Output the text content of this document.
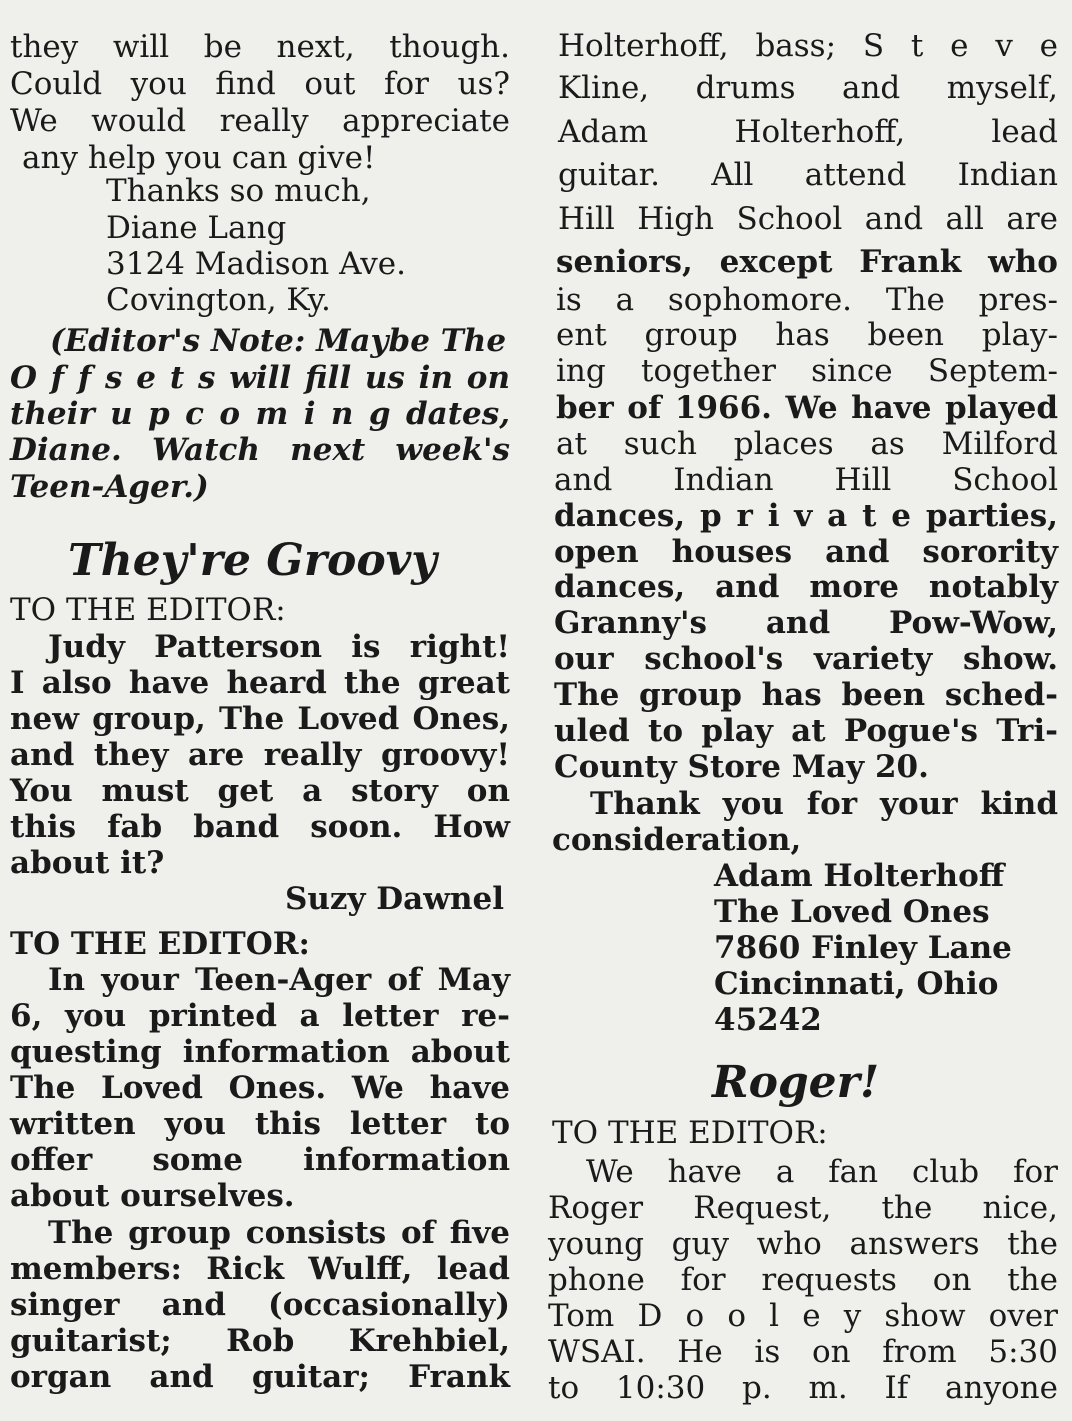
they will be next, though.
Could you find out for us?
We would really appreciate
any help you can give!
Thanks so much,
Diane Lang
3124 Madison Ave.
Covington, Ky.
(Editor's Note: Maybe The
O f f s e t s will fill us in on
their u p c o m i n g dates,
Diane. Watch next week's
Teen-Ager.)
They're Groovy
TO THE EDITOR:
Judy Patterson is right!
I also have heard the great
new group, The Loved Ones,
and they are really groovy!
You must get a story on
this fab band soon. How
about it?
Suzy Dawnel
TO THE EDITOR:
In your Teen-Ager of May
6, you printed a letter re-
questing information about
The Loved Ones. We have
written you this letter to
offer some information
about ourselves.
The group consists of five
members: Rick Wulff, lead
singer and (occasionally)
guitarist; Rob Krehbiel,
organ and guitar; Frank
Holterhoff, bass; S t e v e
Kline, drums and myself,
Adam Holterhoff, lead
guitar. All attend Indian
Hill High School and all are
seniors, except Frank who
is a sophomore. The pres-
ent group has been play-
ing together since Septem-
ber of 1966. We have played
at such places as Milford
and Indian Hill School
dances, p r i v a t e parties,
open houses and sorority
dances, and more notably
Granny's and Pow-Wow,
our school's variety show.
The group has been sched-
uled to play at Pogue's Tri-
County Store May 20.
Thank you for your kind
consideration,
Adam Holterhoff
The Loved Ones
7860 Finley Lane
Cincinnati, Ohio
45242
Roger!
TO THE EDITOR:
We have a fan club for
Roger Request, the nice,
young guy who answers the
phone for requests on the
Tom D o o l e y show over
WSAI. He is on from 5:30
to 10:30 p. m. If anyone
